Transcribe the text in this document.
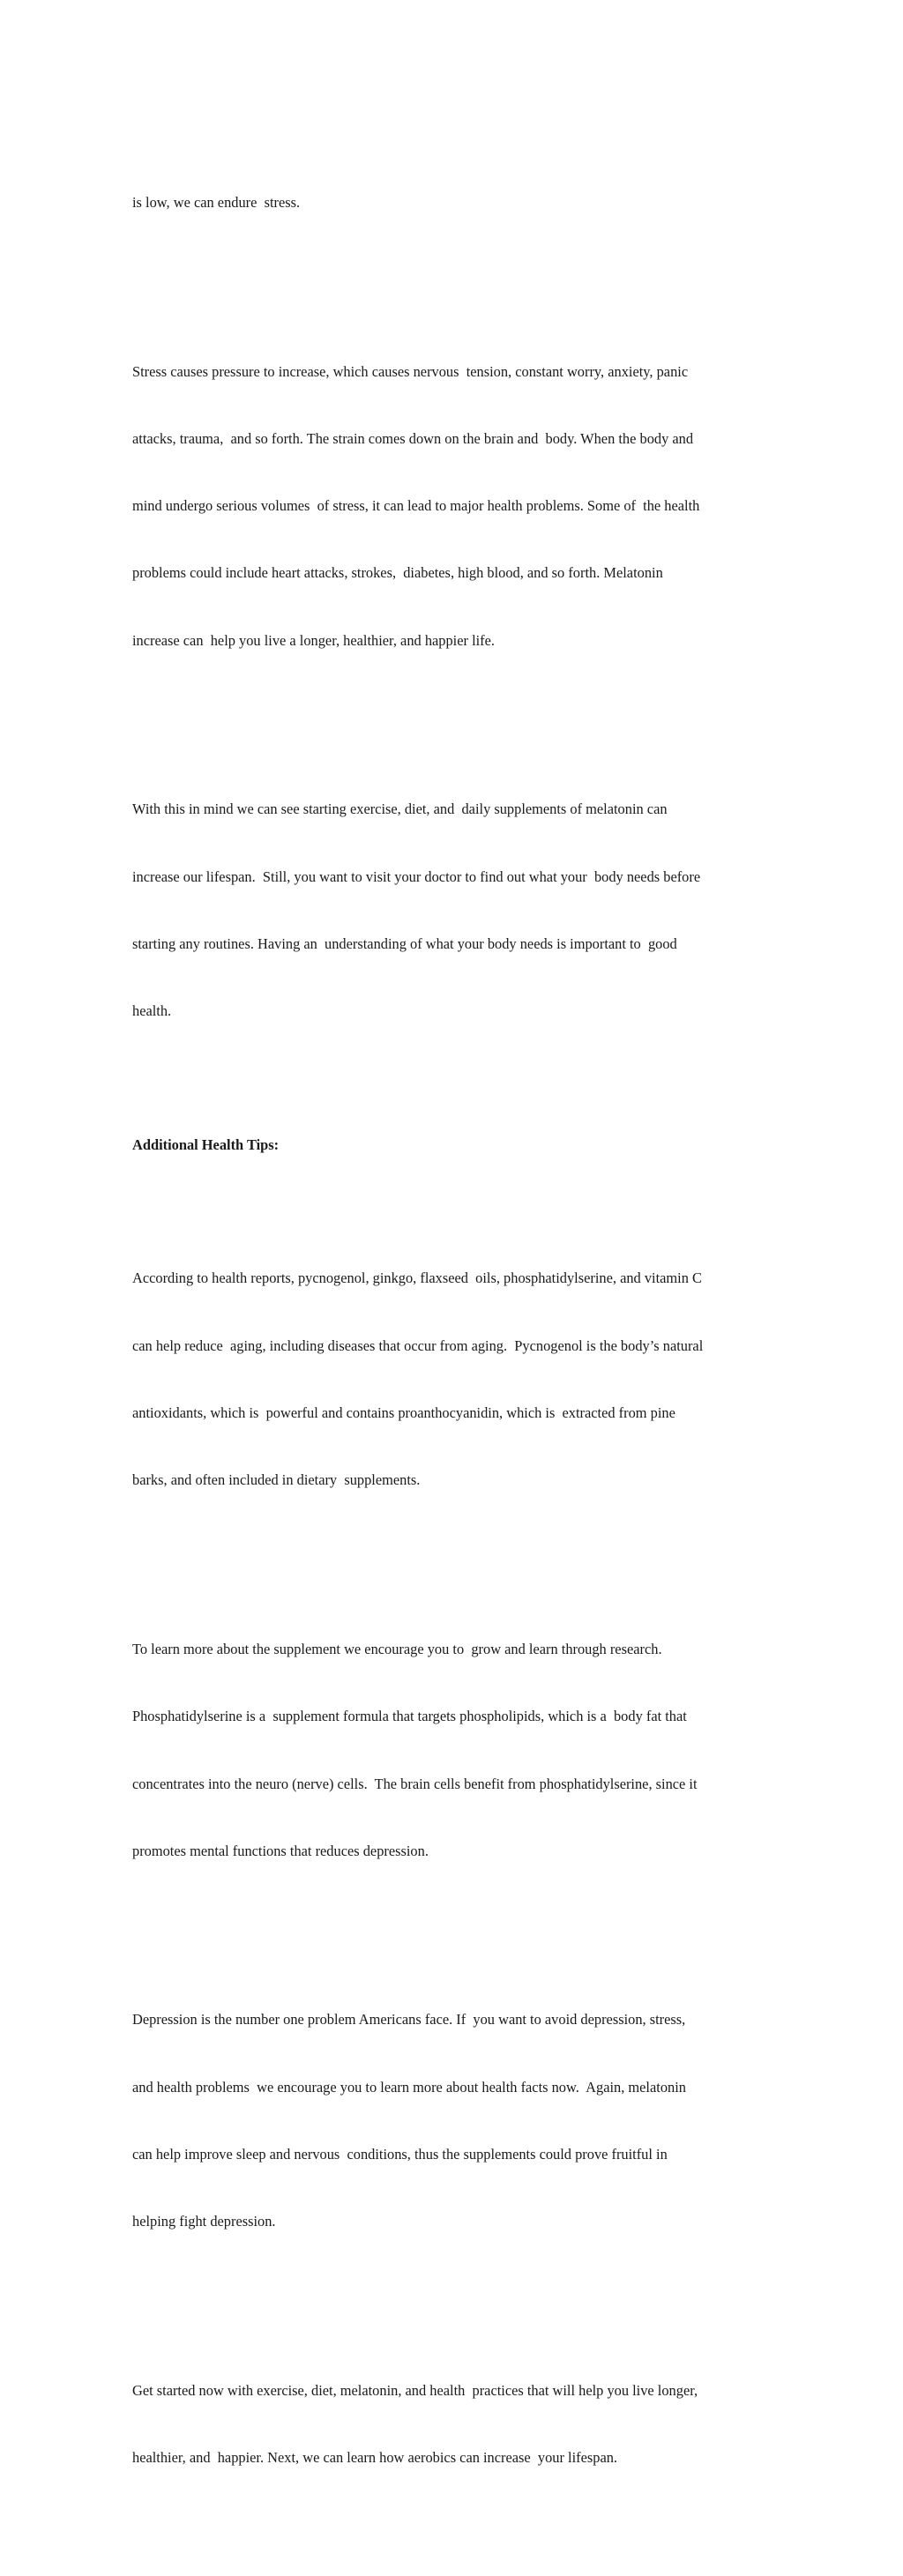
is low, we can endure  stress.

Stress causes pressure to increase, which causes nervous  tension, constant worry, anxiety, panic

attacks, trauma,  and so forth. The strain comes down on the brain and  body. When the body and

mind undergo serious volumes  of stress, it can lead to major health problems. Some of  the health

problems could include heart attacks, strokes,  diabetes, high blood, and so forth. Melatonin

increase can  help you live a longer, healthier, and happier life.

With this in mind we can see starting exercise, diet, and  daily supplements of melatonin can

increase our lifespan.  Still, you want to visit your doctor to find out what your  body needs before

starting any routines. Having an  understanding of what your body needs is important to  good

health.

Additional Health Tips:

According to health reports, pycnogenol, ginkgo, flaxseed  oils, phosphatidylserine, and vitamin C

can help reduce  aging, including diseases that occur from aging.  Pycnogenol is the body’s natural

antioxidants, which is  powerful and contains proanthocyanidin, which is  extracted from pine

barks, and often included in dietary  supplements.

To learn more about the supplement we encourage you to  grow and learn through research.

Phosphatidylserine is a  supplement formula that targets phospholipids, which is a  body fat that

concentrates into the neuro (nerve) cells.  The brain cells benefit from phosphatidylserine, since it

promotes mental functions that reduces depression.

Depression is the number one problem Americans face. If  you want to avoid depression, stress,

and health problems  we encourage you to learn more about health facts now.  Again, melatonin

can help improve sleep and nervous  conditions, thus the supplements could prove fruitful in

helping fight depression.

Get started now with exercise, diet, melatonin, and health  practices that will help you live longer,

healthier, and  happier. Next, we can learn how aerobics can increase  your lifespan.
